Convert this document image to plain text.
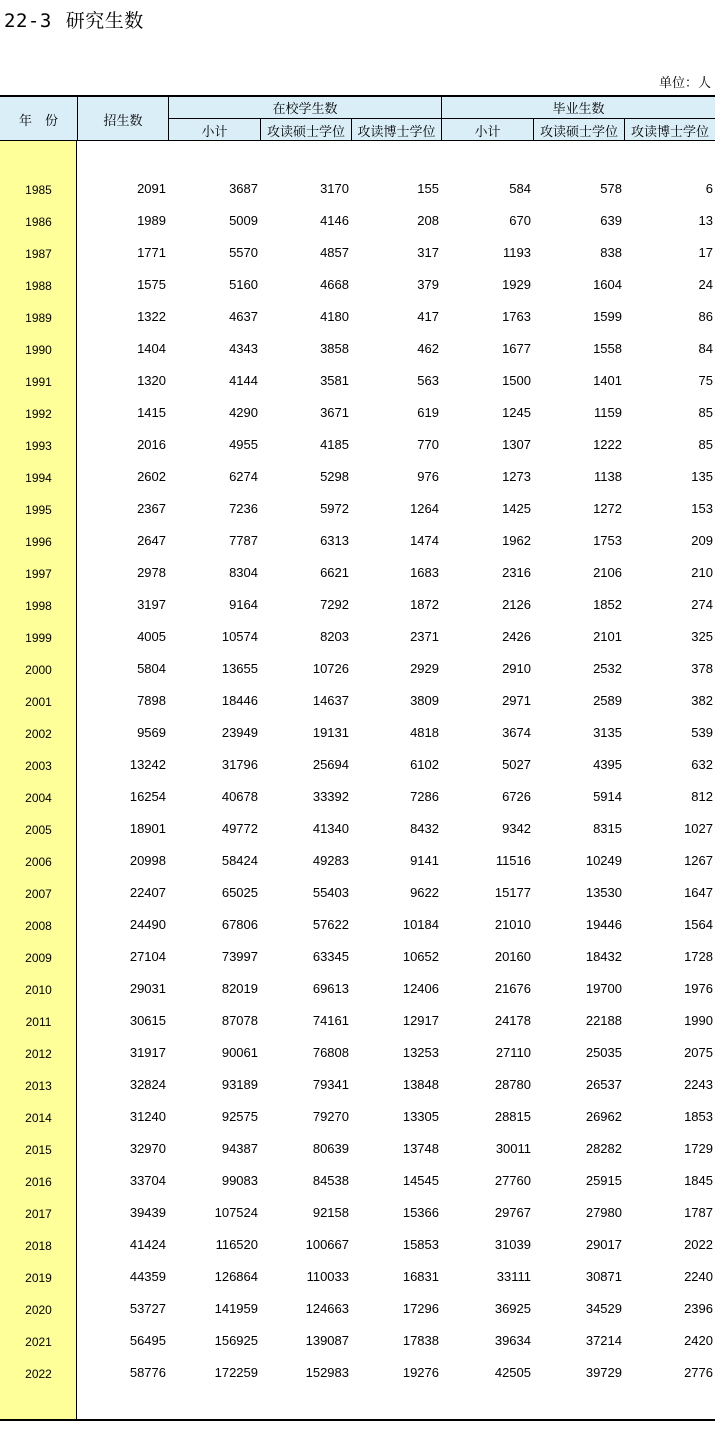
22-3 研究生数
单位：人
年　份	招生数
在校学生数	毕业生数
小计	攻读硕士学位 攻读博士学位	小计	攻读硕士学位 攻读博士学位
1985	2091	3687	3170	155	584	578	6
1986	1989	5009	4146	208	670	639	13
1987	1771	5570	4857	317	1193	838	17
1988	1575	5160	4668	379	1929	1604	24
1989	1322	4637	4180	417	1763	1599	86
1990	1404	4343	3858	462	1677	1558	84
1991	1320	4144	3581	563	1500	1401	75
1992	1415	4290	3671	619	1245	1159	85
1993	2016	4955	4185	770	1307	1222	85
1994	2602	6274	5298	976	1273	1138	135
1995	2367	7236	5972	1264	1425	1272	153
1996	2647	7787	6313	1474	1962	1753	209
1997	2978	8304	6621	1683	2316	2106	210
1998	3197	9164	7292	1872	2126	1852	274
1999	4005	10574	8203	2371	2426	2101	325
2000	5804	13655	10726	2929	2910	2532	378
2001	7898	18446	14637	3809	2971	2589	382
2002	9569	23949	19131	4818	3674	3135	539
2003	13242	31796	25694	6102	5027	4395	632
2004	16254	40678	33392	7286	6726	5914	812
2005	18901	49772	41340	8432	9342	8315	1027
2006	20998	58424	49283	9141	11516	10249	1267
2007	22407	65025	55403	9622	15177	13530	1647
2008	24490	67806	57622	10184	21010	19446	1564
2009	27104	73997	63345	10652	20160	18432	1728
2010	29031	82019	69613	12406	21676	19700	1976
2011	30615	87078	74161	12917	24178	22188	1990
2012	31917	90061	76808	13253	27110	25035	2075
2013	32824	93189	79341	13848	28780	26537	2243
2014	31240	92575	79270	13305	28815	26962	1853
2015	32970	94387	80639	13748	30011	28282	1729
2016	33704	99083	84538	14545	27760	25915	1845
2017	39439	107524	92158	15366	29767	27980	1787
2018	41424	116520	100667	15853	31039	29017	2022
2019	44359	126864	110033	16831	33111	30871	2240
2020	53727	141959	124663	17296	36925	34529	2396
2021	56495	156925	139087	17838	39634	37214	2420
2022	58776	172259	152983	19276	42505	39729	2776
